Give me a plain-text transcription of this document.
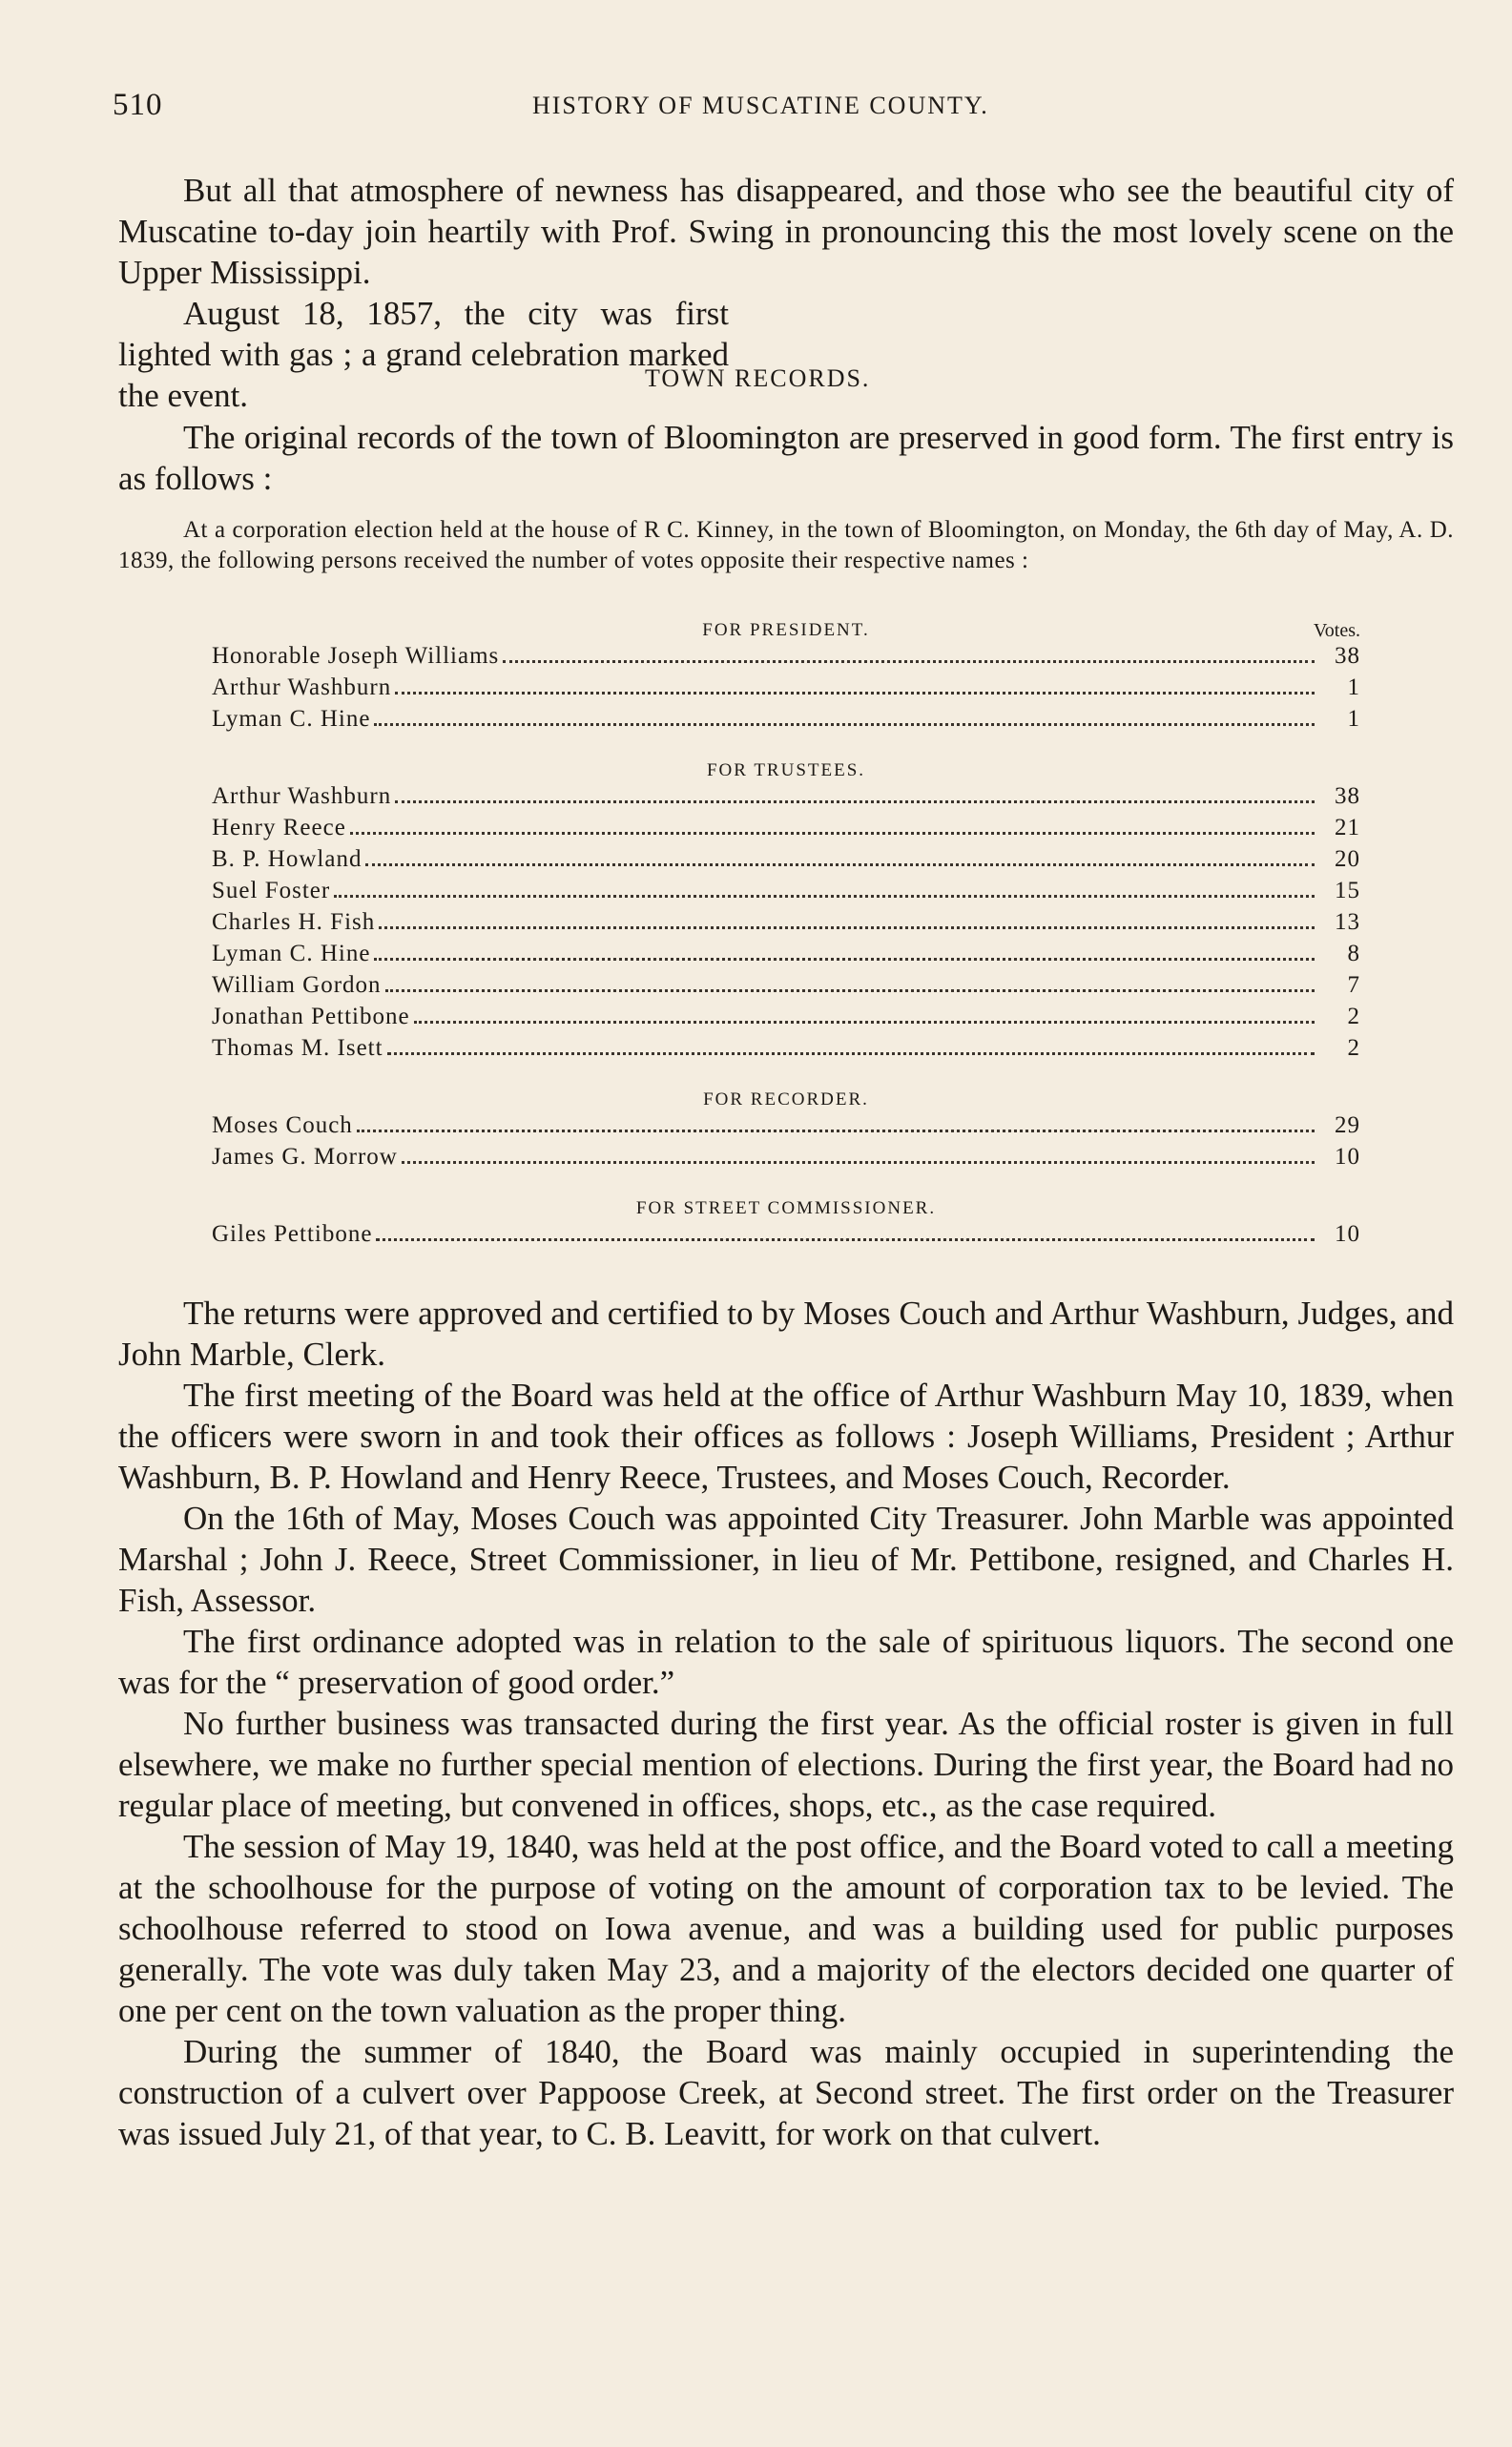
510	HISTORY OF MUSCATINE COUNTY.

But all that atmosphere of newness has disappeared, and those who see the beautiful city of Muscatine to-day join heartily with Prof. Swing in pronouncing this the most lovely scene on the Upper Mississippi.

August 18, 1857, the city was first lighted with gas ; a grand celebration marked the event.	TOWN RECORDS.

The original records of the town of Bloomington are preserved in good form. The first entry is as follows :

At a corporation election held at the house of R C. Kinney, in the town of Bloomington, on Monday, the 6th day of May, A. D. 1839, the following persons received the number of votes opposite their respective names :

FOR PRESIDENT.	Votes.
Honorable Joseph Williams	38
Arthur Washburn	1
Lyman C. Hine	1
FOR TRUSTEES.
Arthur Washburn	38
Henry Reece	21
B. P. Howland	20
Suel Foster	15
Charles H. Fish	13
Lyman C. Hine	8
William Gordon	7
Jonathan Pettibone	2
Thomas M. Isett	2
FOR RECORDER.
Moses Couch	29
James G. Morrow	10
FOR STREET COMMISSIONER.
Giles Pettibone	10

The returns were approved and certified to by Moses Couch and Arthur Washburn, Judges, and John Marble, Clerk.

The first meeting of the Board was held at the office of Arthur Washburn May 10, 1839, when the officers were sworn in and took their offices as follows : Joseph Williams, President ; Arthur Washburn, B. P. Howland and Henry Reece, Trustees, and Moses Couch, Recorder.

On the 16th of May, Moses Couch was appointed City Treasurer. John Marble was appointed Marshal ; John J. Reece, Street Commissioner, in lieu of Mr. Pettibone, resigned, and Charles H. Fish, Assessor.

The first ordinance adopted was in relation to the sale of spirituous liquors. The second one was for the “ preservation of good order.”

No further business was transacted during the first year. As the official roster is given in full elsewhere, we make no further special mention of elections. During the first year, the Board had no regular place of meeting, but convened in offices, shops, etc., as the case required.

The session of May 19, 1840, was held at the post office, and the Board voted to call a meeting at the schoolhouse for the purpose of voting on the amount of corporation tax to be levied. The schoolhouse referred to stood on Iowa avenue, and was a building used for public purposes generally. The vote was duly taken May 23, and a majority of the electors decided one quarter of one per cent on the town valuation as the proper thing.

During the summer of 1840, the Board was mainly occupied in superintending the construction of a culvert over Pappoose Creek, at Second street. The first order on the Treasurer was issued July 21, of that year, to C. B. Leavitt, for work on that culvert.
